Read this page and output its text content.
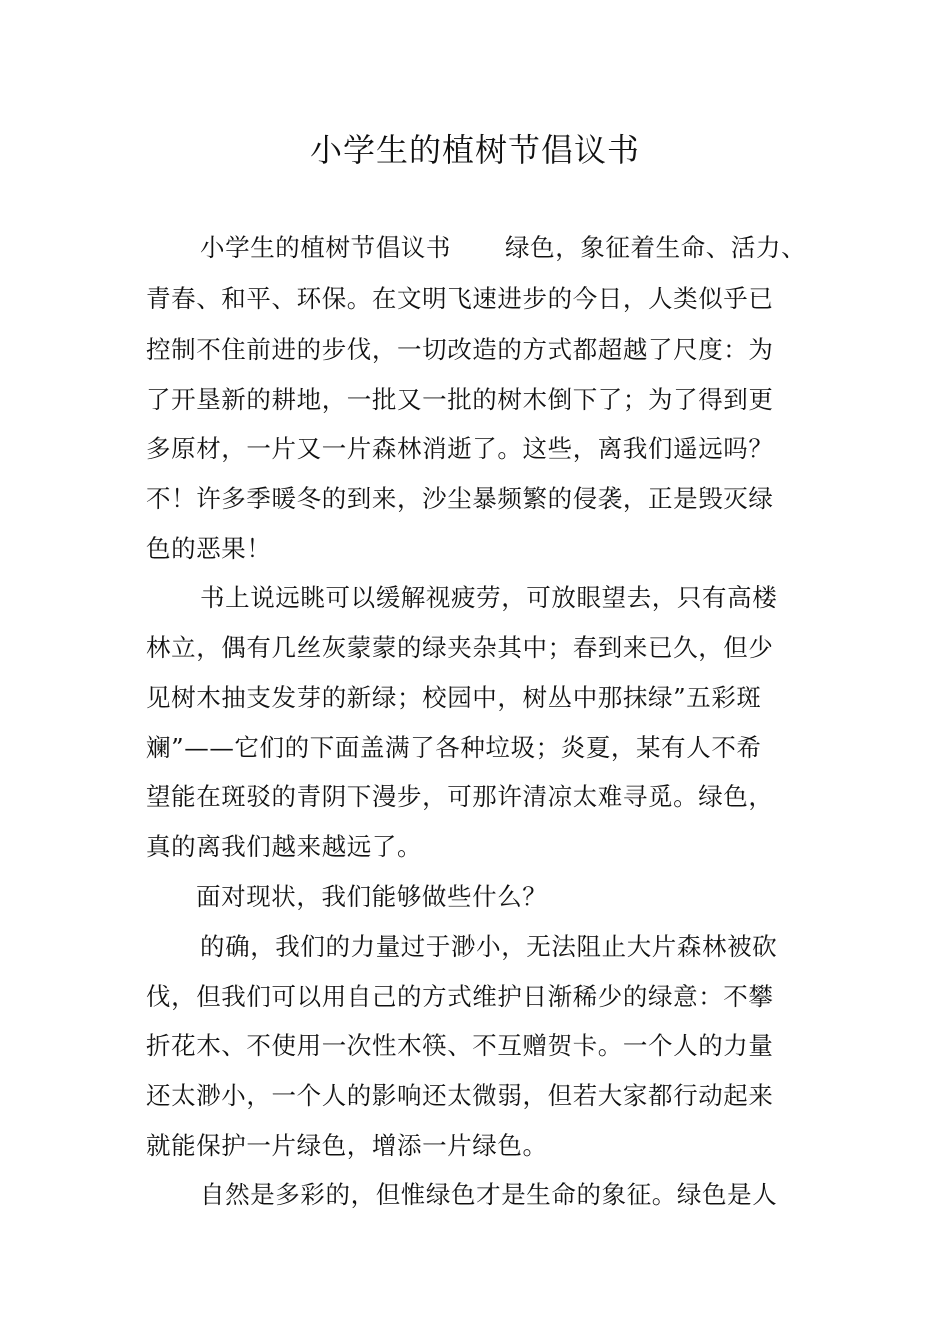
小学生的植树节倡议书
小学生的植树节倡议书 绿色，象征着生命、活力、
青春、和平、环保。在文明飞速进步的今日，人类似乎已
控制不住前进的步伐，一切改造的方式都超越了尺度：为
了开垦新的耕地，一批又一批的树木倒下了；为了得到更
多原材，一片又一片森林消逝了。这些，离我们遥远吗？
不！许多季暖冬的到来，沙尘暴频繁的侵袭，正是毁灭绿
色的恶果！
书上说远眺可以缓解视疲劳，可放眼望去，只有高楼
林立，偶有几丝灰蒙蒙的绿夹杂其中；春到来已久，但少
见树木抽支发芽的新绿；校园中，树丛中那抹绿”五彩斑
斓”——它们的下面盖满了各种垃圾；炎夏，某有人不希
望能在斑驳的青阴下漫步，可那许清凉太难寻觅。绿色，
真的离我们越来越远了。
面对现状，我们能够做些什么？
的确，我们的力量过于渺小，无法阻止大片森林被砍
伐，但我们可以用自己的方式维护日渐稀少的绿意：不攀
折花木、不使用一次性木筷、不互赠贺卡。一个人的力量
还太渺小，一个人的影响还太微弱，但若大家都行动起来
就能保护一片绿色，增添一片绿色。
自然是多彩的，但惟绿色才是生命的象征。绿色是人
